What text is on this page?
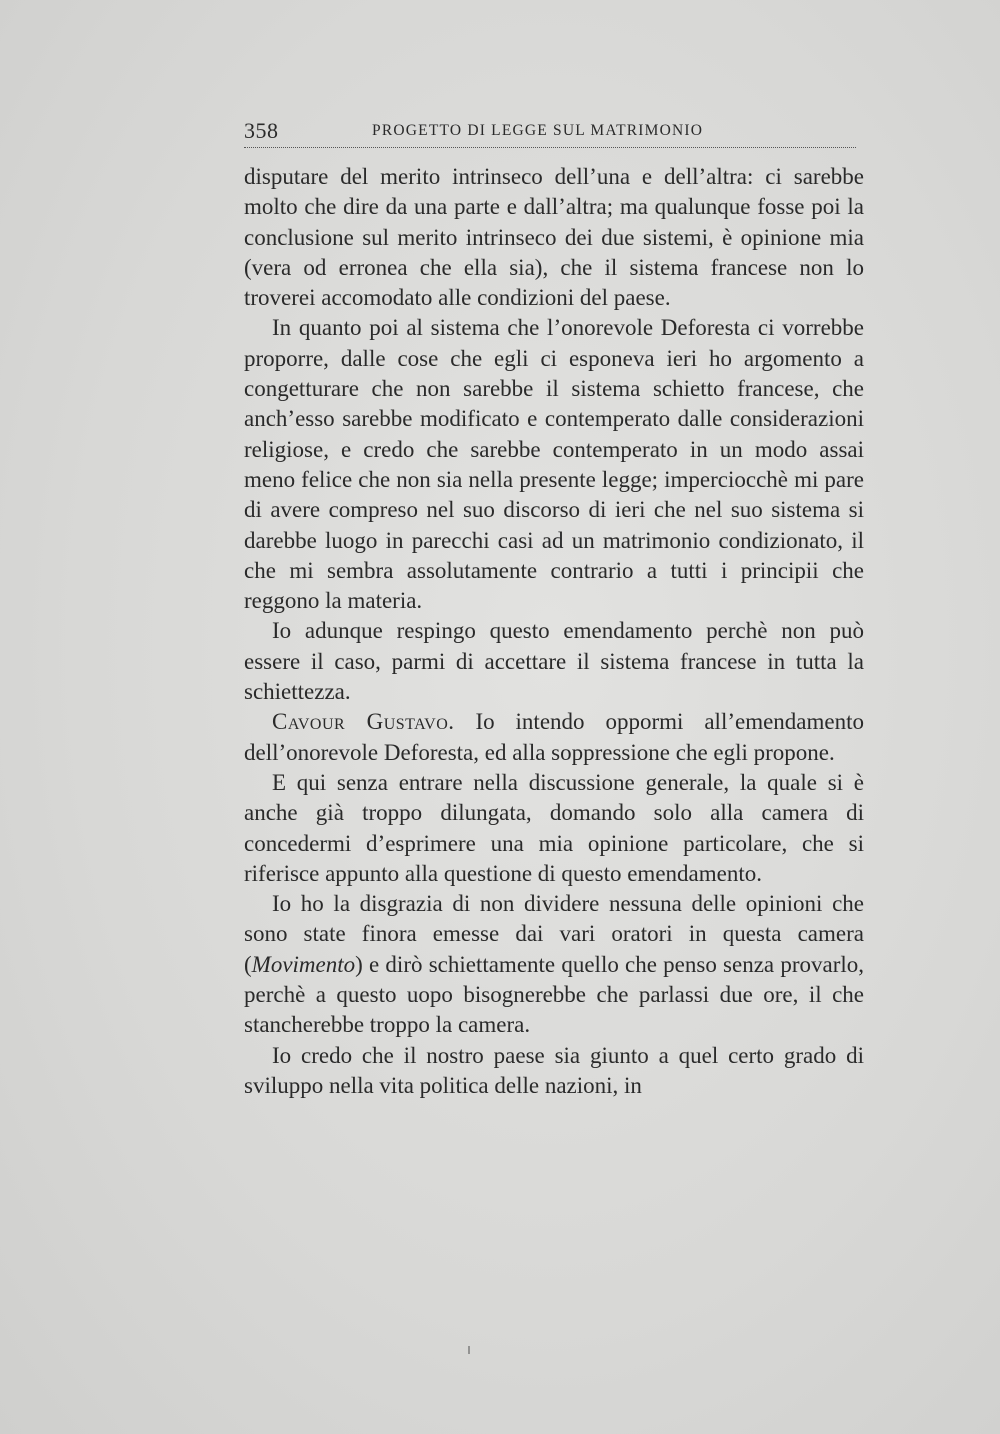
358	PROGETTO DI LEGGE SUL MATRIMONIO

disputare del merito intrinseco dell’una e dell’altra: ci sarebbe molto che dire da una parte e dall’altra; ma qualunque fosse poi la conclusione sul merito intrinseco dei due sistemi, è opinione mia (vera od erronea che ella sia), che il sistema francese non lo troverei accomodato alle condizioni del paese.

In quanto poi al sistema che l’onorevole Deforesta ci vorrebbe proporre, dalle cose che egli ci esponeva ieri ho argomento a congetturare che non sarebbe il sistema schietto francese, che anch’esso sarebbe modificato e contemperato dalle considerazioni religiose, e credo che sarebbe contemperato in un modo assai meno felice che non sia nella presente legge; imperciocchè mi pare di avere compreso nel suo discorso di ieri che nel suo sistema si darebbe luogo in parecchi casi ad un matrimonio condizionato, il che mi sembra assolutamente contrario a tutti i principii che reggono la materia.

Io adunque respingo questo emendamento perchè non può essere il caso, parmi di accettare il sistema francese in tutta la schiettezza.

Cavour Gustavo. Io intendo oppormi all’emendamento dell’onorevole Deforesta, ed alla soppressione che egli propone.

E qui senza entrare nella discussione generale, la quale si è anche già troppo dilungata, domando solo alla camera di concedermi d’esprimere una mia opinione particolare, che si riferisce appunto alla questione di questo emendamento.

Io ho la disgrazia di non dividere nessuna delle opinioni che sono state finora emesse dai vari oratori in questa camera (Movimento) e dirò schiettamente quello che penso senza provarlo, perchè a questo uopo bisognerebbe che parlassi due ore, il che stancherebbe troppo la camera.

Io credo che il nostro paese sia giunto a quel certo grado di sviluppo nella vita politica delle nazioni, in
